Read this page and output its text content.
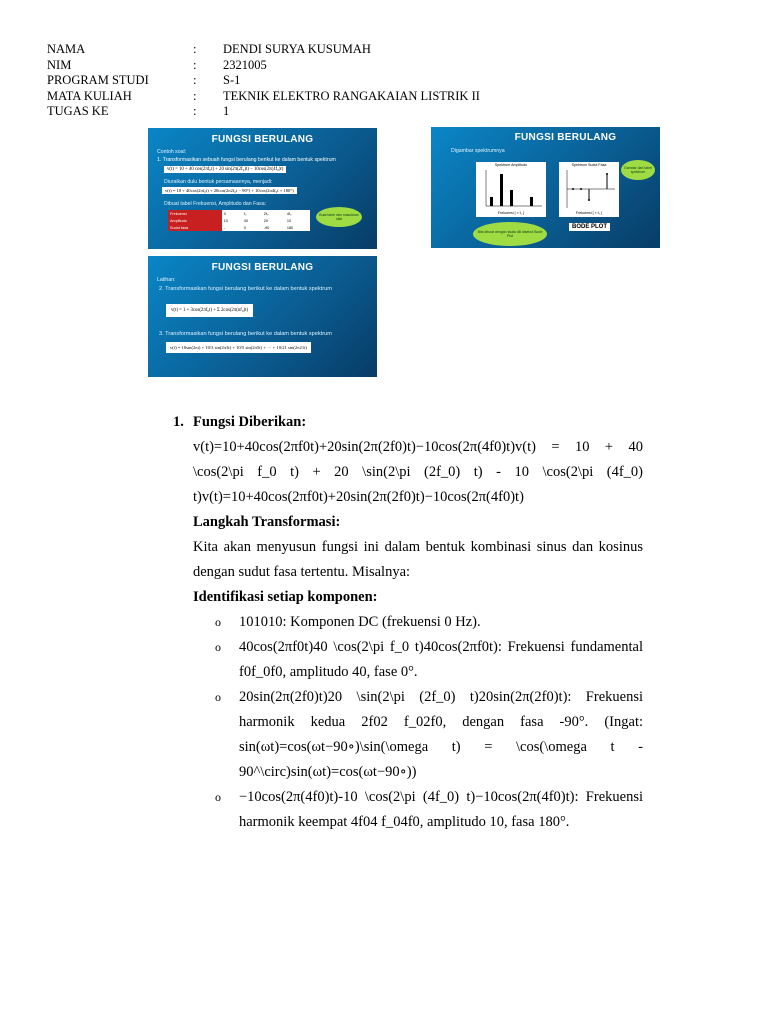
NAMA	:	DENDI SURYA KUSUMAH
NIM	:	2321005
PROGRAM STUDI	:	S-1
MATA KULIAH	:	TEKNIK ELEKTRO RANGAKAIAN LISTRIK II
TUGAS KE	:	1
FUNGSI BERULANG
Contoh soal:
1. Transformasikan sebuah fungsi berulang berikut ke dalam bentuk spektrum
v(t) = 10 + 40 cos(2πf₀t) + 20 sin(2π(2f₀)t) − 10cos(2π(4f₀)t)
Diuraikan dulu bentuk persamaannya, menjadi:
v(t) = 10 + 40cos(2πf₀t) + 20cos(2π2f₀t − 90°) + 10cos(2π4f₀t + 180°)
Dibuat tabel Frekuensi, Amplitudo dan Fasa:
Frekuensi	0	f₀	2f₀	4f₀
Amplitudo	10	40	20	10
Sudut fasa	-	0	-90	180
Buat tabel dan masukkan nilai
FUNGSI BERULANG
Digambar spektrumnya
Spektrum Amplitudo
Frekuensi [ × f₀ ]
Spektrum Sudut Fasa
Frekuensi [ × f₀ ]
Gambar dari tabel spektrum
Bila dibuat dengan skala dB disebut Bode Plot
BODE PLOT
FUNGSI BERULANG
Latihan:
2. Transformasikan fungsi berulang berikut ke dalam bentuk spektrum
v(t) = 1 + 3cos(2πf₀t) + Σ 2cos(2π(nf₀)t)
3. Transformasikan fungsi berulang berikut ke dalam bentuk spektrum
v(t) = 10sin(2πt) + 10/3 sin(2π3t) + 10/5 sin(2π5t) + ··· + 10/21 sin(2π21t)
1. Fungsi Diberikan:
v(t)=10+40cos(2πf0t)+20sin(2π(2f0)t)−10cos(2π(4f0)t)v(t) = 10 + 40 \cos(2\pi f_0 t) + 20 \sin(2\pi (2f_0) t) - 10 \cos(2\pi (4f_0) t)v(t)=10+40cos(2πf0t)+20sin(2π(2f0)t)−10cos(2π(4f0)t)
Langkah Transformasi:
Kita akan menyusun fungsi ini dalam bentuk kombinasi sinus dan kosinus dengan sudut fasa tertentu. Misalnya:
Identifikasi setiap komponen:
o 101010: Komponen DC (frekuensi 0 Hz).
o 40cos(2πf0t)40 \cos(2\pi f_0 t)40cos(2πf0t): Frekuensi fundamental f0f_0f0, amplitudo 40, fase 0°.
o 20sin(2π(2f0)t)20 \sin(2\pi (2f_0) t)20sin(2π(2f0)t): Frekuensi harmonik kedua 2f02 f_02f0, dengan fasa -90°. (Ingat: sin(ωt)=cos(ωt−90∘)\sin(\omega t) = \cos(\omega t - 90^\circ)sin(ωt)=cos(ωt−90∘))
o −10cos(2π(4f0)t)-10 \cos(2\pi (4f_0) t)−10cos(2π(4f0)t): Frekuensi harmonik keempat 4f04 f_04f0, amplitudo 10, fasa 180°.
